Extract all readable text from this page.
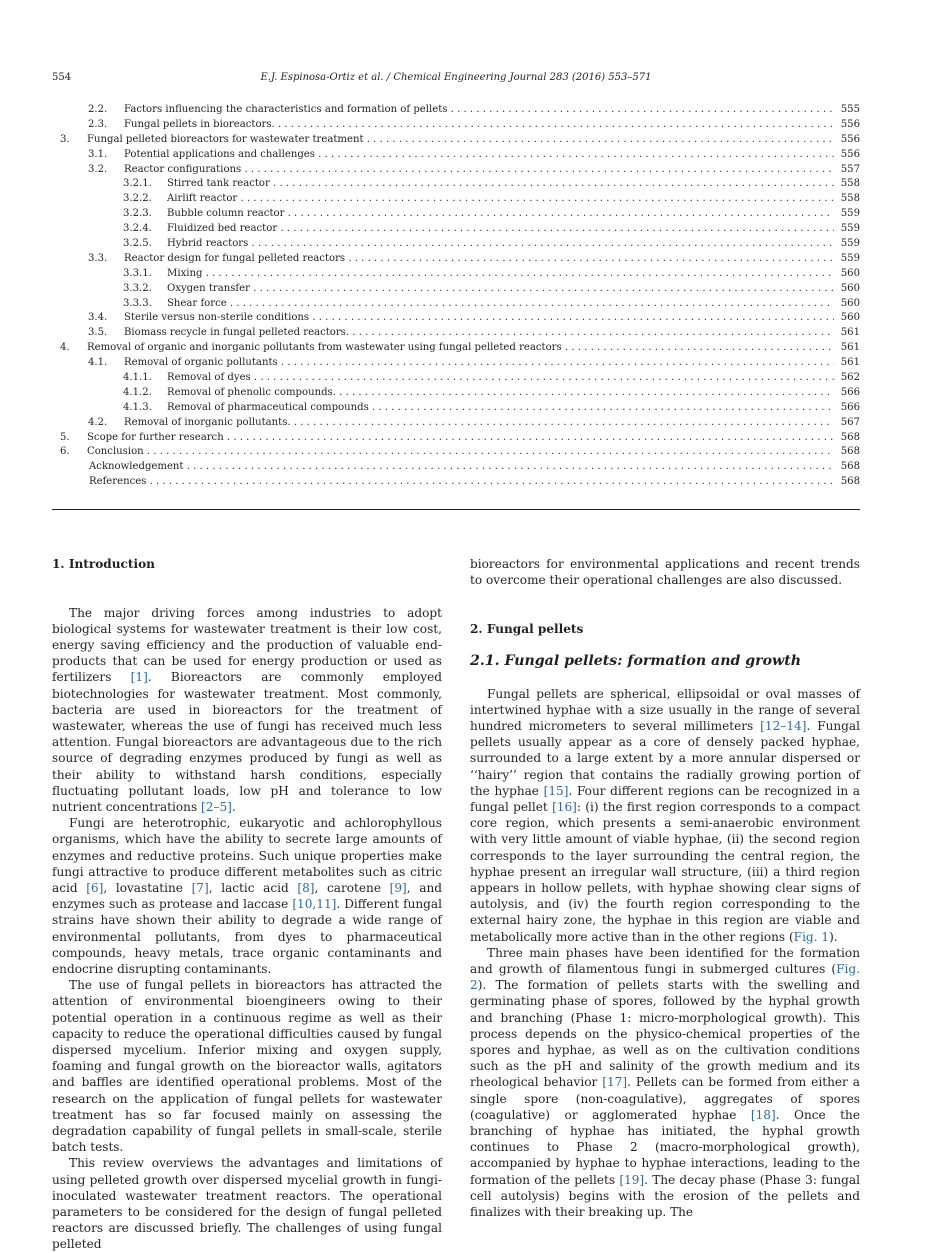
554	E.J. Espinosa-Ortiz et al. / Chemical Engineering Journal 283 (2016) 553–571
2.2. Factors influencing the characteristics and formation of pellets . . .	555
2.3. Fungal pellets in bioreactors. . . .	556
3. Fungal pelleted bioreactors for wastewater treatment . . .	556
3.1. Potential applications and challenges . . .	556
3.2. Reactor configurations . . .	557
3.2.1. Stirred tank reactor . . .	558
3.2.2. Airlift reactor . . .	558
3.2.3. Bubble column reactor . . .	559
3.2.4. Fluidized bed reactor . . .	559
3.2.5. Hybrid reactors . . .	559
3.3. Reactor design for fungal pelleted reactors . . .	559
3.3.1. Mixing . . .	560
3.3.2. Oxygen transfer . . .	560
3.3.3. Shear force . . .	560
3.4. Sterile versus non-sterile conditions . . .	560
3.5. Biomass recycle in fungal pelleted reactors. . . .	561
4. Removal of organic and inorganic pollutants from wastewater using fungal pelleted reactors . . .	561
4.1. Removal of organic pollutants . . .	561
4.1.1. Removal of dyes . . .	562
4.1.2. Removal of phenolic compounds. . . .	566
4.1.3. Removal of pharmaceutical compounds . . .	566
4.2. Removal of inorganic pollutants. . . .	567
5. Scope for further research . . .	568
6. Conclusion . . .	568
Acknowledgement . . .	568
References . . .	568
1. Introduction

The major driving forces among industries to adopt biological systems for wastewater treatment is their low cost, energy saving efficiency and the production of valuable end-products that can be used for energy production or used as fertilizers [1]. Bioreactors are commonly employed biotechnologies for wastewater treatment. Most commonly, bacteria are used in bioreactors for the treatment of wastewater, whereas the use of fungi has received much less attention. Fungal bioreactors are advantageous due to the rich source of degrading enzymes produced by fungi as well as their ability to withstand harsh conditions, especially fluctuating pollutant loads, low pH and tolerance to low nutrient concentrations [2–5].

Fungi are heterotrophic, eukaryotic and achlorophyllous organisms, which have the ability to secrete large amounts of enzymes and reductive proteins. Such unique properties make fungi attractive to produce different metabolites such as citric acid [6], lovastatine [7], lactic acid [8], carotene [9], and enzymes such as protease and laccase [10,11]. Different fungal strains have shown their ability to degrade a wide range of environmental pollutants, from dyes to pharmaceutical compounds, heavy metals, trace organic contaminants and endocrine disrupting contaminants.

The use of fungal pellets in bioreactors has attracted the attention of environmental bioengineers owing to their potential operation in a continuous regime as well as their capacity to reduce the operational difficulties caused by fungal dispersed mycelium. Inferior mixing and oxygen supply, foaming and fungal growth on the bioreactor walls, agitators and baffles are identified operational problems. Most of the research on the application of fungal pellets for wastewater treatment has so far focused mainly on assessing the degradation capability of fungal pellets in small-scale, sterile batch tests.

This review overviews the advantages and limitations of using pelleted growth over dispersed mycelial growth in fungi-inoculated wastewater treatment reactors. The operational parameters to be considered for the design of fungal pelleted reactors are discussed briefly. The challenges of using fungal pelleted

bioreactors for environmental applications and recent trends to overcome their operational challenges are also discussed.

2. Fungal pellets
2.1. Fungal pellets: formation and growth

Fungal pellets are spherical, ellipsoidal or oval masses of intertwined hyphae with a size usually in the range of several hundred micrometers to several millimeters [12–14]. Fungal pellets usually appear as a core of densely packed hyphae, surrounded to a large extent by a more annular dispersed or ‘‘hairy’’ region that contains the radially growing portion of the hyphae [15]. Four different regions can be recognized in a fungal pellet [16]: (i) the first region corresponds to a compact core region, which presents a semi-anaerobic environment with very little amount of viable hyphae, (ii) the second region corresponds to the layer surrounding the central region, the hyphae present an irregular wall structure, (iii) a third region appears in hollow pellets, with hyphae showing clear signs of autolysis, and (iv) the fourth region corresponding to the external hairy zone, the hyphae in this region are viable and metabolically more active than in the other regions (Fig. 1).

Three main phases have been identified for the formation and growth of filamentous fungi in submerged cultures (Fig. 2). The formation of pellets starts with the swelling and germinating phase of spores, followed by the hyphal growth and branching (Phase 1: micro-morphological growth). This process depends on the physico-chemical properties of the spores and hyphae, as well as on the cultivation conditions such as the pH and salinity of the growth medium and its rheological behavior [17]. Pellets can be formed from either a single spore (non-coagulative), aggregates of spores (coagulative) or agglomerated hyphae [18]. Once the branching of hyphae has initiated, the hyphal growth continues to Phase 2 (macro-morphological growth), accompanied by hyphae to hyphae interactions, leading to the formation of the pellets [19]. The decay phase (Phase 3: fungal cell autolysis) begins with the erosion of the pellets and finalizes with their breaking up. The
